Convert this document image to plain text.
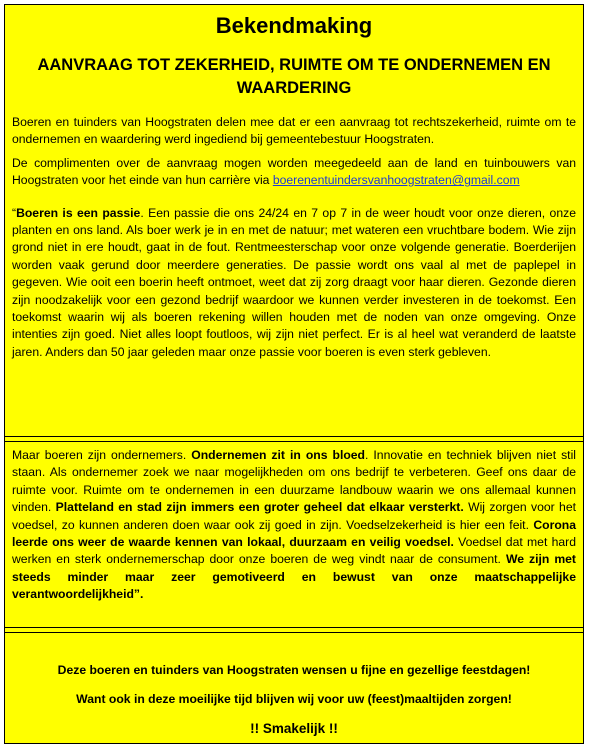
Bekendmaking
AANVRAAG TOT ZEKERHEID, RUIMTE OM TE ONDERNEMEN EN WAARDERING

Boeren en tuinders van Hoogstraten delen mee dat er een aanvraag tot rechtszekerheid, ruimte om te ondernemen en waardering werd ingediend bij gemeentebestuur Hoogstraten.

De complimenten over de aanvraag mogen worden meegedeeld aan de land en tuinbouwers van Hoogstraten voor het einde van hun carrière via boerenentuindersvanhoogstraten@gmail.com

“Boeren is een passie. Een passie die ons 24/24 en 7 op 7 in de weer houdt voor onze dieren, onze planten en ons land. Als boer werk je in en met de natuur; met wateren een vruchtbare bodem. Wie zijn grond niet in ere houdt, gaat in de fout. Rentmeesterschap voor onze volgende generatie. Boerderijen worden vaak gerund door meerdere generaties. De passie wordt ons vaal al met de paplepel in gegeven. Wie ooit een boerin heeft ontmoet, weet dat zij zorg draagt voor haar dieren. Gezonde dieren zijn noodzakelijk voor een gezond bedrijf waardoor we kunnen verder investeren in de toekomst. Een toekomst waarin wij als boeren rekening willen houden met de noden van onze omgeving. Onze intenties zijn goed. Niet alles loopt foutloos, wij zijn niet perfect. Er is al heel wat veranderd de laatste jaren. Anders dan 50 jaar geleden maar onze passie voor boeren is even sterk gebleven.

Maar boeren zijn ondernemers. Ondernemen zit in ons bloed. Innovatie en techniek blijven niet stil staan. Als ondernemer zoek we naar mogelijkheden om ons bedrijf te verbeteren. Geef ons daar de ruimte voor. Ruimte om te ondernemen in een duurzame landbouw waarin we ons allemaal kunnen vinden. Platteland en stad zijn immers een groter geheel dat elkaar versterkt. Wij zorgen voor het voedsel, zo kunnen anderen doen waar ook zij goed in zijn. Voedselzekerheid is hier een feit. Corona leerde ons weer de waarde kennen van lokaal, duurzaam en veilig voedsel. Voedsel dat met hard werken en sterk ondernemerschap door onze boeren de weg vindt naar de consument. We zijn met steeds minder maar zeer gemotiveerd en bewust van onze maatschappelijke verantwoordelijkheid”.

Deze boeren en tuinders van Hoogstraten wensen u fijne en gezellige feestdagen!
Want ook in deze moeilijke tijd blijven wij voor uw (feest)maaltijden zorgen!
!! Smakelijk !!
